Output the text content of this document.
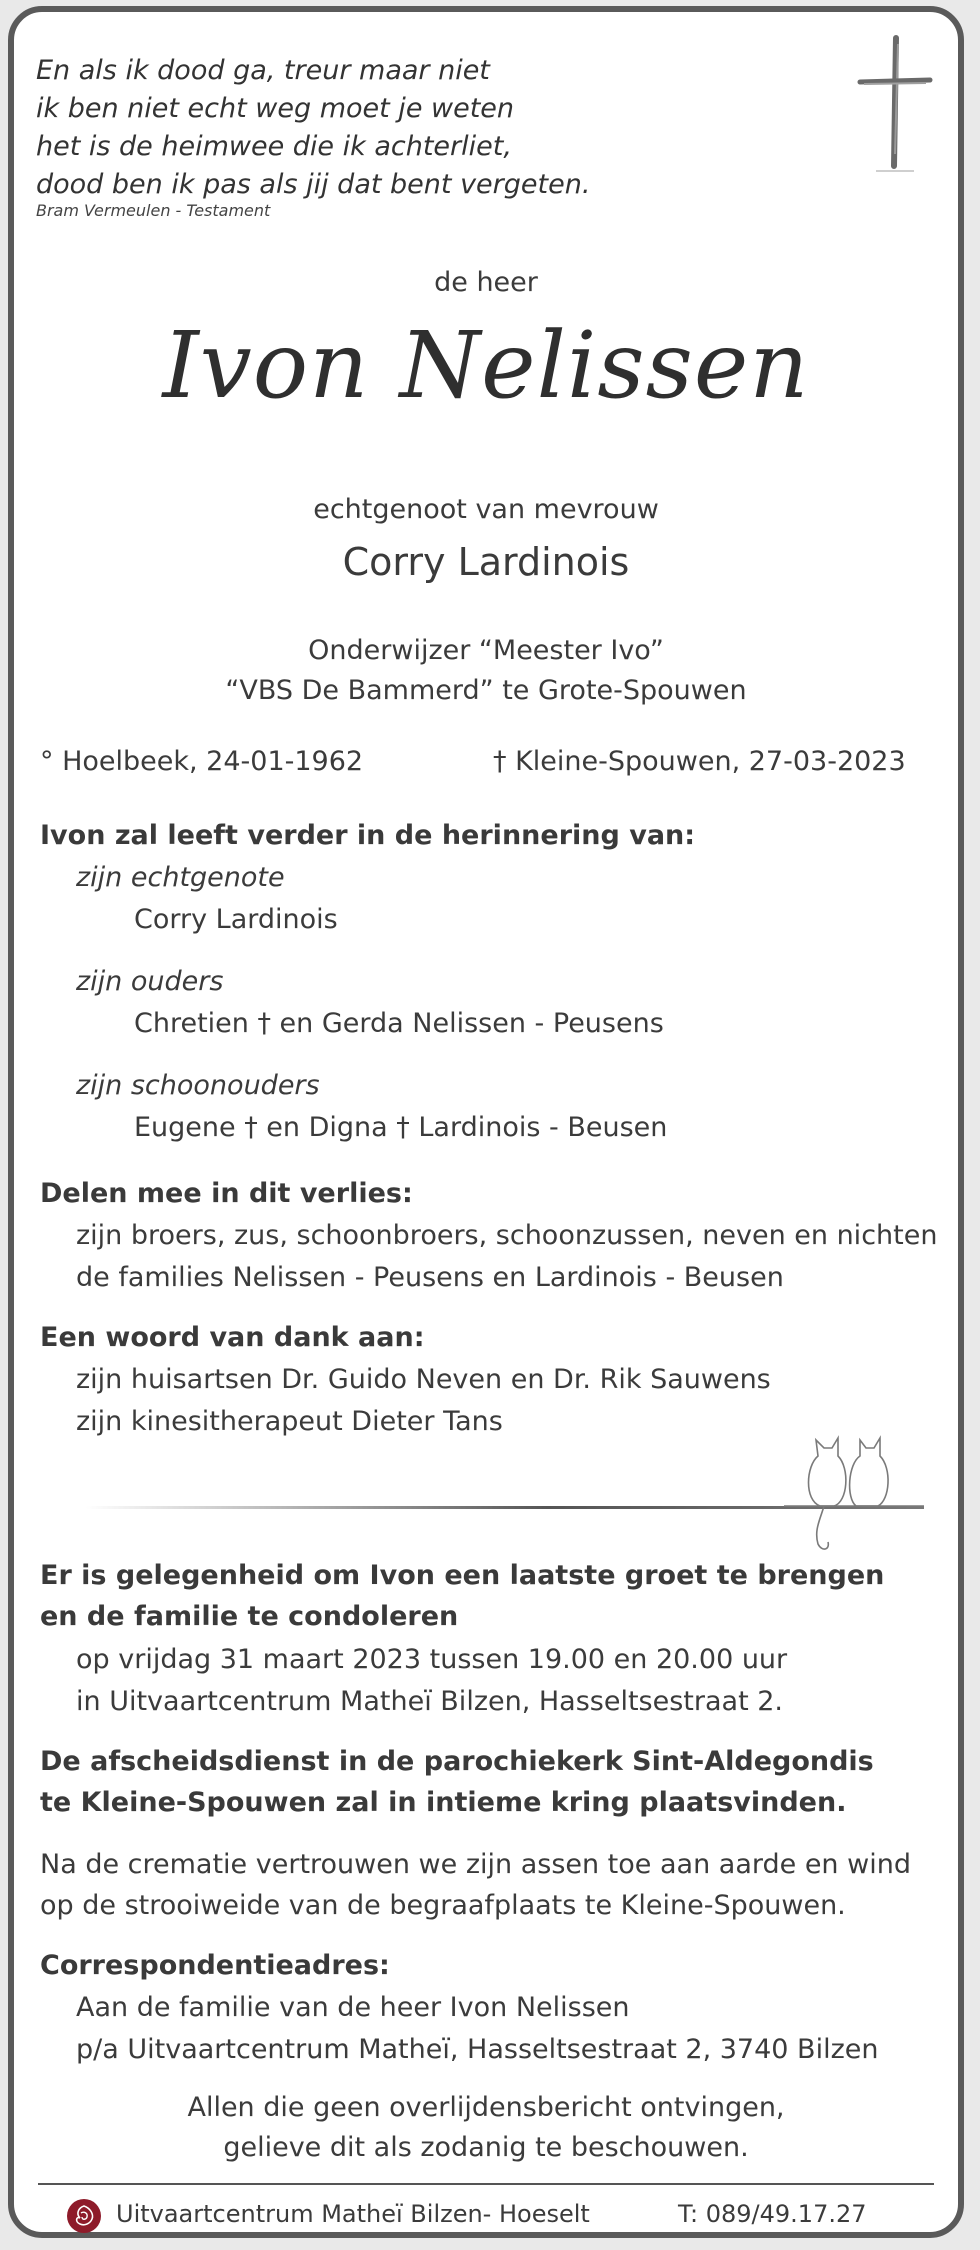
En als ik dood ga, treur maar niet
ik ben niet echt weg moet je weten
het is de heimwee die ik achterliet,
dood ben ik pas als jij dat bent vergeten.
Bram Vermeulen - Testament
de heer
Ivon Nelissen
echtgenoot van mevrouw
Corry Lardinois
Onderwijzer “Meester Ivo”
“VBS De Bammerd” te Grote-Spouwen
° Hoelbeek, 24-01-1962	† Kleine-Spouwen, 27-03-2023
Ivon zal leeft verder in de herinnering van:
zijn echtgenote
Corry Lardinois
zijn ouders
Chretien † en Gerda Nelissen - Peusens
zijn schoonouders
Eugene † en Digna † Lardinois - Beusen
Delen mee in dit verlies:
zijn broers, zus, schoonbroers, schoonzussen, neven en nichten
de families Nelissen - Peusens en Lardinois - Beusen
Een woord van dank aan:
zijn huisartsen Dr. Guido Neven en Dr. Rik Sauwens
zijn kinesitherapeut Dieter Tans
Er is gelegenheid om Ivon een laatste groet te brengen
en de familie te condoleren
op vrijdag 31 maart 2023 tussen 19.00 en 20.00 uur
in Uitvaartcentrum Matheï Bilzen, Hasseltsestraat 2.
De afscheidsdienst in de parochiekerk Sint-Aldegondis
te Kleine-Spouwen zal in intieme kring plaatsvinden.
Na de crematie vertrouwen we zijn assen toe aan aarde en wind
op de strooiweide van de begraafplaats te Kleine-Spouwen.
Correspondentieadres:
Aan de familie van de heer Ivon Nelissen
p/a Uitvaartcentrum Matheï, Hasseltsestraat 2, 3740 Bilzen
Allen die geen overlijdensbericht ontvingen,
gelieve dit als zodanig te beschouwen.
Uitvaartcentrum Matheï Bilzen- Hoeselt	T: 089/49.17.27
